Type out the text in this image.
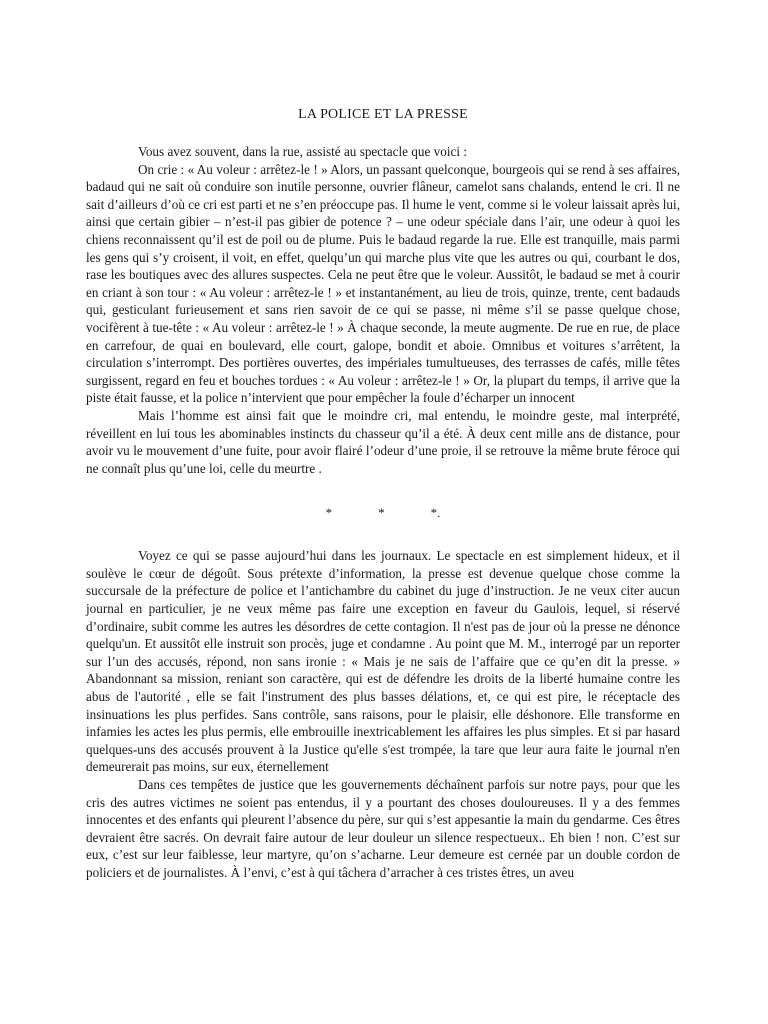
LA POLICE ET LA PRESSE

Vous avez souvent, dans la rue, assisté au spectacle que voici :

On crie : « Au voleur : arrêtez-le ! » Alors, un passant quelconque, bourgeois qui se rend à ses affaires, badaud qui ne sait où conduire son inutile personne, ouvrier flâneur, camelot sans chalands, entend le cri. Il ne sait d’ailleurs d’où ce cri est parti et ne s’en préoccupe pas. Il hume le vent, comme si le voleur laissait après lui, ainsi que certain gibier – n’est-il pas gibier de potence ? – une odeur spéciale dans l’air, une odeur à quoi les chiens reconnaissent qu’il est de poil ou de plume. Puis le badaud regarde la rue. Elle est tranquille, mais parmi les gens qui s’y croisent, il voit, en effet, quelqu’un qui marche plus vite que les autres ou qui, courbant le dos, rase les boutiques avec des allures suspectes. Cela ne peut être que le voleur. Aussitôt, le badaud se met à courir en criant à son tour : « Au voleur : arrêtez-le ! » et instantanément, au lieu de trois, quinze, trente, cent badauds qui, gesticulant furieusement et sans rien savoir de ce qui se passe, ni même s’il se passe quelque chose, vocifèrent à tue-tête : « Au voleur : arrêtez-le ! » À chaque seconde, la meute augmente. De rue en rue, de place en carrefour, de quai en boulevard, elle court, galope, bondit et aboie. Omnibus et voitures s’arrêtent, la circulation s’interrompt. Des portières ouvertes, des impériales tumultueuses, des terrasses de cafés, mille têtes surgissent, regard en feu et bouches tordues : « Au voleur : arrêtez-le ! » Or, la plupart du temps, il arrive que la piste était fausse, et la police n’intervient que pour empêcher la foule d’écharper un innocent

Mais l’homme est ainsi fait que le moindre cri, mal entendu, le moindre geste, mal interprété, réveillent en lui tous les abominables instincts du chasseur qu’il a été. À deux cent mille ans de distance, pour avoir vu le mouvement d’une fuite, pour avoir flairé l’odeur d’une proie, il se retrouve la même brute féroce qui ne connaît plus qu’une loi, celle du meurtre .

*	*	*.

Voyez ce qui se passe aujourd’hui dans les journaux. Le spectacle en est simplement hideux, et il soulève le cœur de dégoût. Sous prétexte d’information, la presse est devenue quelque chose comme la succursale de la préfecture de police et l’antichambre du cabinet du juge d’instruction. Je ne veux citer aucun journal en particulier, je ne veux même pas faire une exception en faveur du Gaulois, lequel, si réservé d’ordinaire, subit comme les autres les désordres de cette contagion. Il n'est pas de jour où la presse ne dénonce quelqu'un. Et aussitôt elle instruit son procès, juge et condamne . Au point que M. M., interrogé par un reporter sur l’un des accusés, répond, non sans ironie : « Mais je ne sais de l’affaire que ce qu’en dit la presse. » Abandonnant sa mission, reniant son caractère, qui est de défendre les droits de la liberté humaine contre les abus de l'autorité , elle se fait l'instrument des plus basses délations, et, ce qui est pire, le réceptacle des insinuations les plus perfides. Sans contrôle, sans raisons, pour le plaisir, elle déshonore. Elle transforme en infamies les actes les plus permis, elle embrouille inextricablement les affaires les plus simples. Et si par hasard quelques-uns des accusés prouvent à la Justice qu'elle s'est trompée, la tare que leur aura faite le journal n'en demeurerait pas moins, sur eux, éternellement

Dans ces tempêtes de justice que les gouvernements déchaînent parfois sur notre pays, pour que les cris des autres victimes ne soient pas entendus, il y a pourtant des choses douloureuses. Il y a des femmes innocentes et des enfants qui pleurent l’absence du père, sur qui s’est appesantie la main du gendarme. Ces êtres devraient être sacrés. On devrait faire autour de leur douleur un silence respectueux.. Eh bien ! non. C’est sur eux, c’est sur leur faiblesse, leur martyre, qu’on s’acharne. Leur demeure est cernée par un double cordon de policiers et de journalistes. À l’envi, c’est à qui tâchera d’arracher à ces tristes êtres, un aveu
